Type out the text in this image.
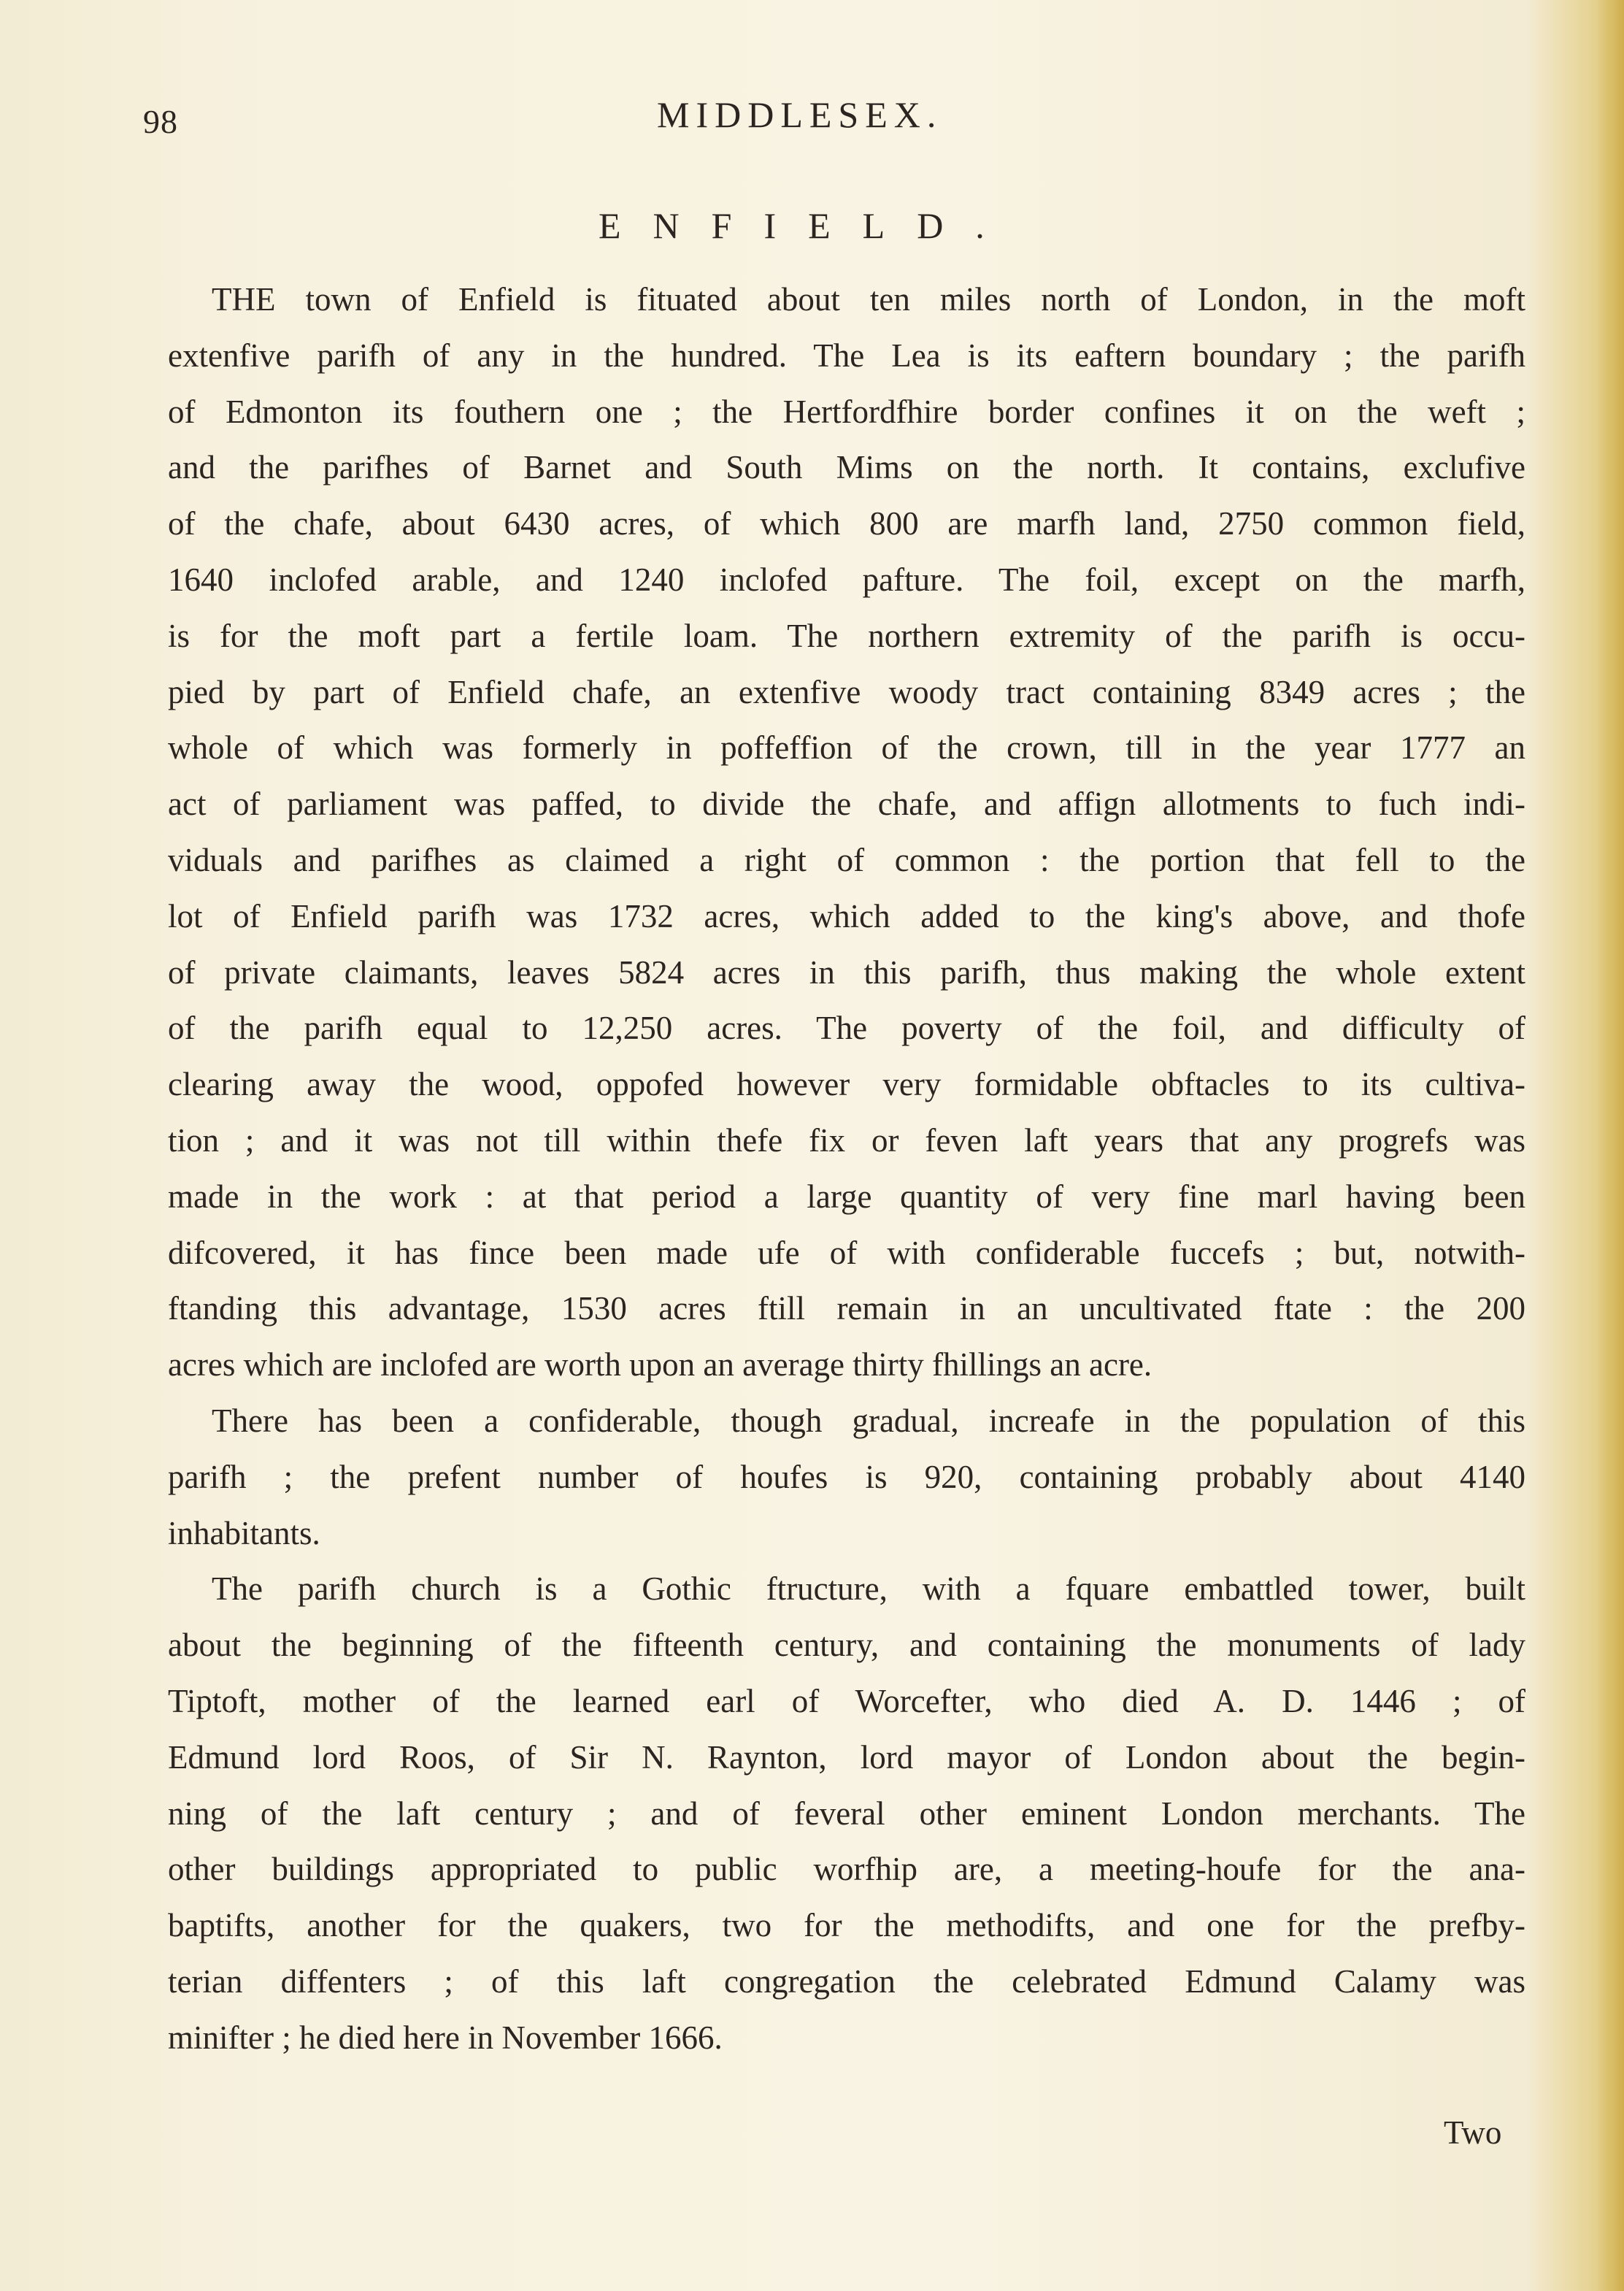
98	MIDDLESEX.
ENFIELD.
THE town of Enfield is fituated about ten miles north of London, in the moft
extenfive parifh of any in the hundred. The Lea is its eaftern boundary ; the parifh
of Edmonton its fouthern one ; the Hertfordfhire border confines it on the weft ;
and the parifhes of Barnet and South Mims on the north. It contains, exclufive
of the chafe, about 6430 acres, of which 800 are marfh land, 2750 common field,
1640 inclofed arable, and 1240 inclofed pafture. The foil, except on the marfh,
is for the moft part a fertile loam. The northern extremity of the parifh is occu-
pied by part of Enfield chafe, an extenfive woody tract containing 8349 acres ; the
whole of which was formerly in poffeffion of the crown, till in the year 1777 an
act of parliament was paffed, to divide the chafe, and affign allotments to fuch indi-
viduals and parifhes as claimed a right of common : the portion that fell to the
lot of Enfield parifh was 1732 acres, which added to the king's above, and thofe
of private claimants, leaves 5824 acres in this parifh, thus making the whole extent
of the parifh equal to 12,250 acres. The poverty of the foil, and difficulty of
clearing away the wood, oppofed however very formidable obftacles to its cultiva-
tion ; and it was not till within thefe fix or feven laft years that any progrefs was
made in the work : at that period a large quantity of very fine marl having been
difcovered, it has fince been made ufe of with confiderable fuccefs ; but, notwith-
ftanding this advantage, 1530 acres ftill remain in an uncultivated ftate : the 200
acres which are inclofed are worth upon an average thirty fhillings an acre.
There has been a confiderable, though gradual, increafe in the population of this
parifh ; the prefent number of houfes is 920, containing probably about 4140
inhabitants.
The parifh church is a Gothic ftructure, with a fquare embattled tower, built
about the beginning of the fifteenth century, and containing the monuments of lady
Tiptoft, mother of the learned earl of Worcefter, who died A. D. 1446 ; of
Edmund lord Roos, of Sir N. Raynton, lord mayor of London about the begin-
ning of the laft century ; and of feveral other eminent London merchants. The
other buildings appropriated to public worfhip are, a meeting-houfe for the ana-
baptifts, another for the quakers, two for the methodifts, and one for the prefby-
terian diffenters ; of this laft congregation the celebrated Edmund Calamy was
minifter ; he died here in November 1666.
Two
